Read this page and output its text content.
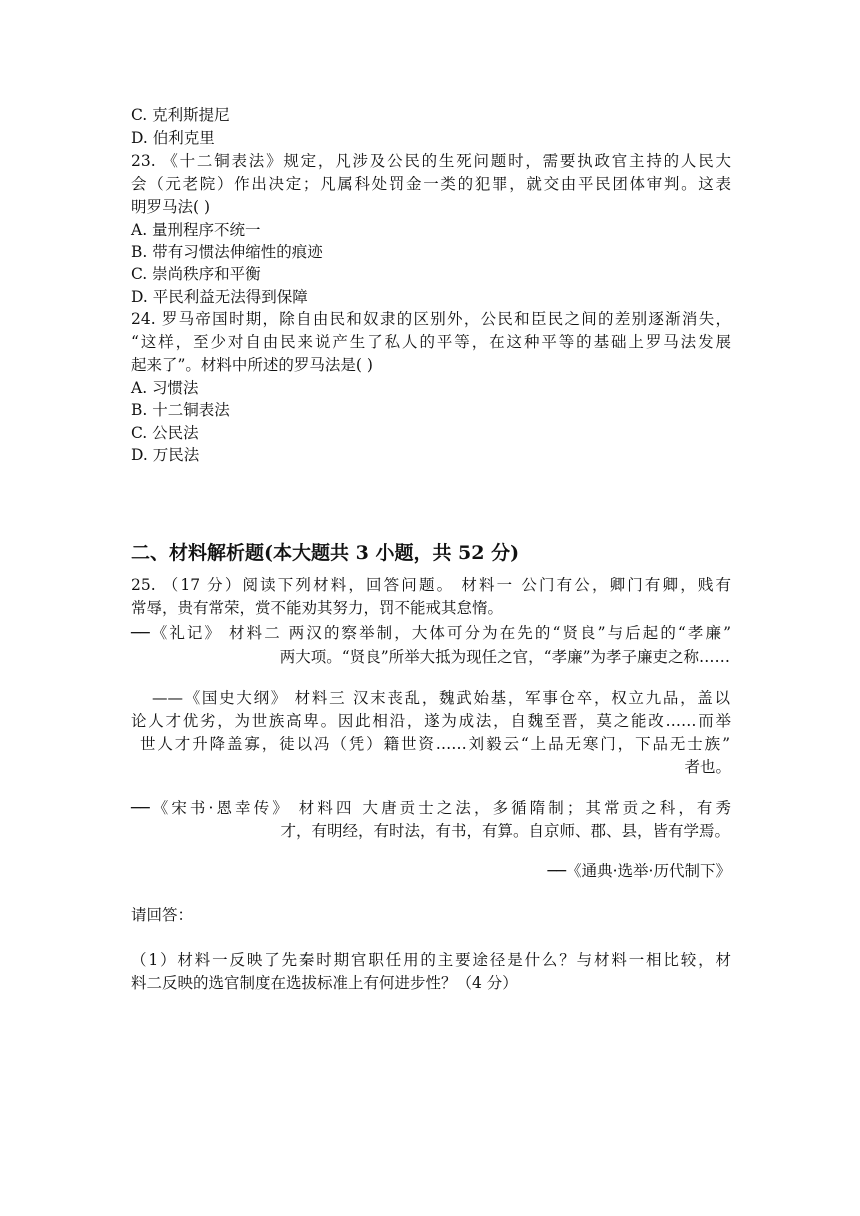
C. 克利斯提尼
D. 伯利克里
23. 《十二铜表法》规定，凡涉及公民的生死问题时，需要执政官主持的人民大
会（元老院）作出决定；凡属科处罚金一类的犯罪，就交由平民团体审判。这表
明罗马法( )
A. 量刑程序不统一
B. 带有习惯法伸缩性的痕迹
C. 崇尚秩序和平衡
D. 平民利益无法得到保障
24. 罗马帝国时期，除自由民和奴隶的区别外，公民和臣民之间的差别逐渐消失，
“这样，至少对自由民来说产生了私人的平等，在这种平等的基础上罗马法发展
起来了”。材料中所述的罗马法是( )
A. 习惯法
B. 十二铜表法
C. 公民法
D. 万民法
二、材料解析题(本大题共 3 小题，共 52 分)
25. （17 分）阅读下列材料，回答问题。 材料一 公门有公，卿门有卿，贱有
常辱，贵有常荣，赏不能劝其努力，罚不能戒其怠惰。
──《礼记》 材料二 两汉的察举制，大体可分为在先的“贤良”与后起的“孝廉”
两大项。“贤良”所举大抵为现任之官，“孝廉”为孝子廉吏之称……
——《国史大纲》 材料三 汉末丧乱，魏武始基，军事仓卒，权立九品，盖以
论人才优劣，为世族高卑。因此相沿，遂为成法，自魏至晋，莫之能改……而举
世人才升降盖寡，徒以冯（凭）籍世资……刘毅云“上品无寒门，下品无士族”
者也。
──《宋书·恩幸传》 材料四 大唐贡士之法，多循隋制；其常贡之科，有秀
才，有明经，有时法，有书，有算。自京师、郡、县，皆有学焉。
──《通典·选举·历代制下》
请回答：
（1）材料一反映了先秦时期官职任用的主要途径是什么？与材料一相比较，材
料二反映的选官制度在选拔标准上有何进步性？（4 分）
